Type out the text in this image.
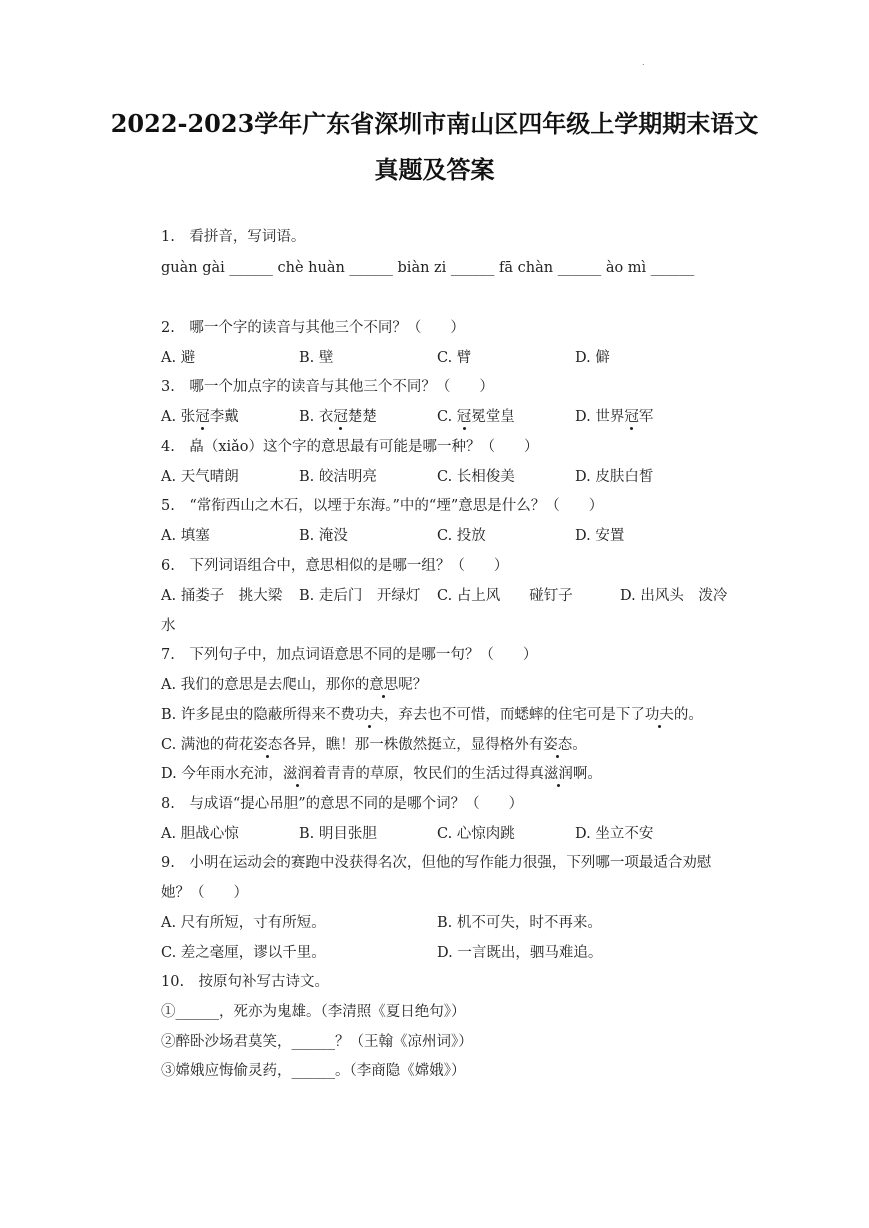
.
2022-2023学年广东省深圳市南山区四年级上学期期末语文
真题及答案
1.　看拼音，写词语。
guàn gài ______ chè huàn ______ biàn zi ______ fā chàn ______ ào mì ______
2.　哪一个字的读音与其他三个不同？（　　）
A. 避	B. 壁	C. 臂	D. 僻
3.　哪一个加点字的读音与其他三个不同？（　　）
A. 张冠李戴	B. 衣冠楚楚	C. 冠冕堂皇	D. 世界冠军
4.　皛（xiǎo）这个字的意思最有可能是哪一种？（　　）
A. 天气晴朗	B. 皎洁明亮	C. 长相俊美	D. 皮肤白皙
5.　“常衔西山之木石，以堙于东海。”中的“堙”意思是什么？（　　）
A. 填塞	B. 淹没	C. 投放	D. 安置
6.　下列词语组合中，意思相似的是哪一组？（　　）
A. 捅娄子　挑大梁 B. 走后门　开绿灯 C. 占上风　　碰钉子	D. 出风头　泼冷
水
7.　下列句子中，加点词语意思不同的是哪一句？（　　）
A. 我们的意思是去爬山，那你的意思呢？
B. 许多昆虫的隐蔽所得来不费功夫，弃去也不可惜，而蟋蟀的住宅可是下了功夫的。
C. 满池的荷花姿态各异，瞧！那一株傲然挺立，显得格外有姿态。
D. 今年雨水充沛，滋润着青青的草原，牧民们的生活过得真滋润啊。
8.　与成语“提心吊胆”的意思不同的是哪个词？（　　）
A. 胆战心惊	B. 明目张胆	C. 心惊肉跳	D. 坐立不安
9.　小明在运动会的赛跑中没获得名次，但他的写作能力很强，下列哪一项最适合劝慰
她？（　　）
A. 尺有所短，寸有所短。	B. 机不可失，时不再来。
C. 差之毫厘，谬以千里。	D. 一言既出，驷马难追。
10.　按原句补写古诗文。
①______，死亦为鬼雄。（李清照《夏日绝句》）
②醉卧沙场君莫笑，______？（王翰《凉州词》）
③嫦娥应悔偷灵药，______。（李商隐《嫦娥》）
